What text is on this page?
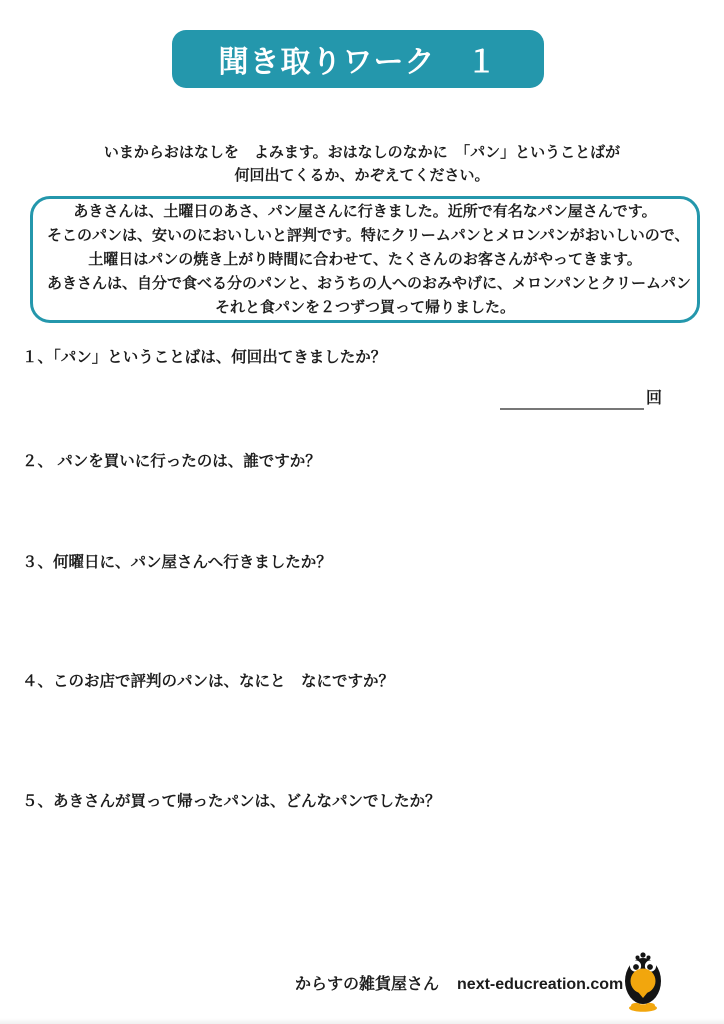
聞き取りワーク　１
いまからおはなしを　よみます。おはなしのなかに　「パン」ということばが
何回出てくるか、かぞえてください。
あきさんは、土曜日のあさ、パン屋さんに行きました。近所で有名なパン屋さんです。
そこのパンは、安いのにおいしいと評判です。特にクリームパンとメロンパンがおいしいので、
土曜日はパンの焼き上がり時間に合わせて、たくさんのお客さんがやってきます。
あきさんは、自分で食べる分のパンと、おうちの人へのおみやげに、メロンパンとクリームパン
それと食パンを２つずつ買って帰りました。
１、「パン」ということばは、何回出てきましたか？
回
２、 パンを買いに行ったのは、誰ですか？
３、何曜日に、パン屋さんへ行きましたか？
４、このお店で評判のパンは、なにと　なにですか？
５、あきさんが買って帰ったパンは、どんなパンでしたか？
からすの雑貨屋さん next-educreation.com
